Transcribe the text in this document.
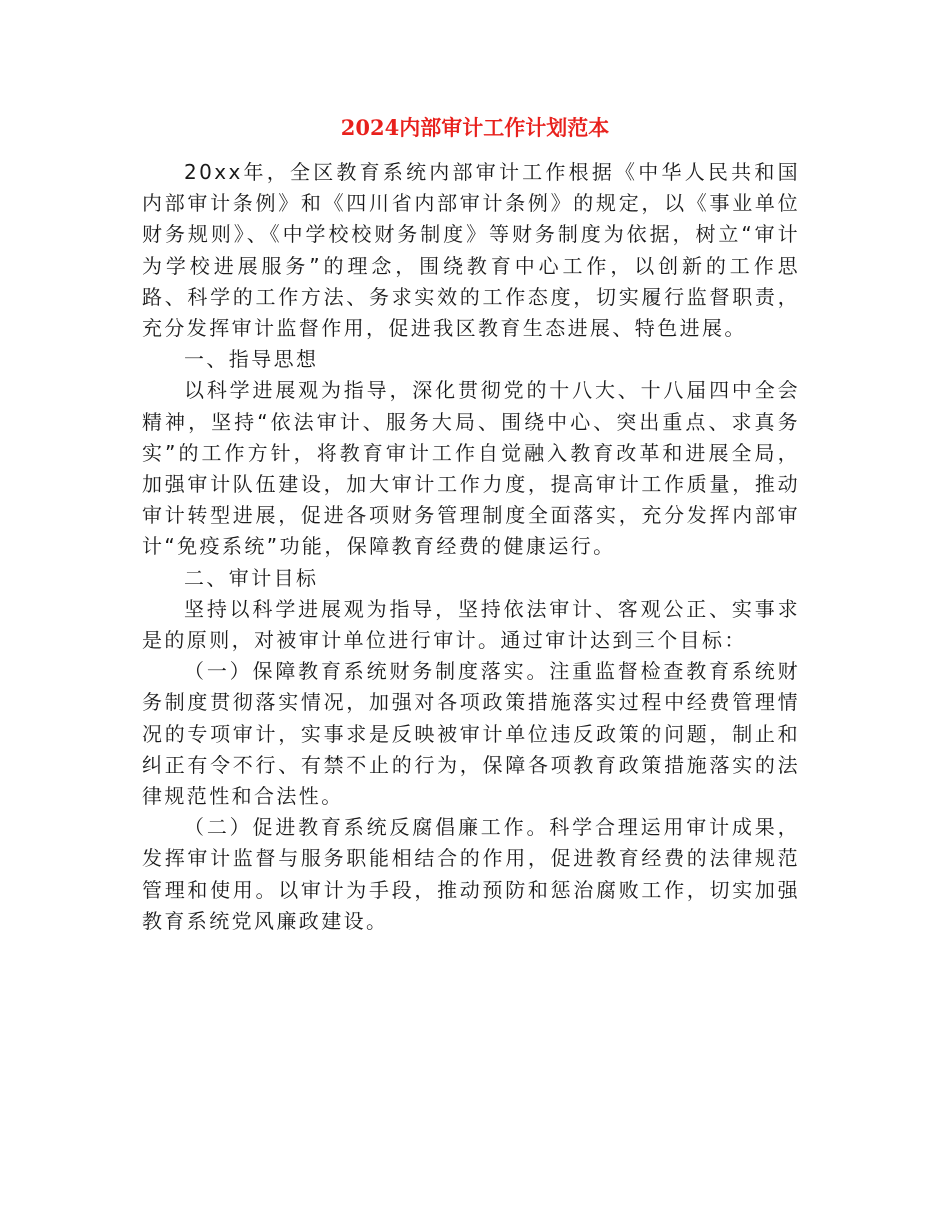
2024内部审计工作计划范本

20xx年，全区教育系统内部审计工作根据《中华人民共和国内部审计条例》和《四川省内部审计条例》的规定，以《事业单位财务规则》、《中学校校财务制度》等财务制度为依据，树立“审计为学校进展服务”的理念，围绕教育中心工作，以创新的工作思路、科学的工作方法、务求实效的工作态度，切实履行监督职责，充分发挥审计监督作用，促进我区教育生态进展、特色进展。

一、指导思想

以科学进展观为指导，深化贯彻党的十八大、十八届四中全会精神，坚持“依法审计、服务大局、围绕中心、突出重点、求真务实”的工作方针，将教育审计工作自觉融入教育改革和进展全局，加强审计队伍建设，加大审计工作力度，提高审计工作质量，推动审计转型进展，促进各项财务管理制度全面落实，充分发挥内部审计“免疫系统”功能，保障教育经费的健康运行。

二、审计目标

坚持以科学进展观为指导，坚持依法审计、客观公正、实事求是的原则，对被审计单位进行审计。通过审计达到三个目标：

（一）保障教育系统财务制度落实。注重监督检查教育系统财务制度贯彻落实情况，加强对各项政策措施落实过程中经费管理情况的专项审计，实事求是反映被审计单位违反政策的问题，制止和纠正有令不行、有禁不止的行为，保障各项教育政策措施落实的法律规范性和合法性。

（二）促进教育系统反腐倡廉工作。科学合理运用审计成果，发挥审计监督与服务职能相结合的作用，促进教育经费的法律规范管理和使用。以审计为手段，推动预防和惩治腐败工作，切实加强教育系统党风廉政建设。
